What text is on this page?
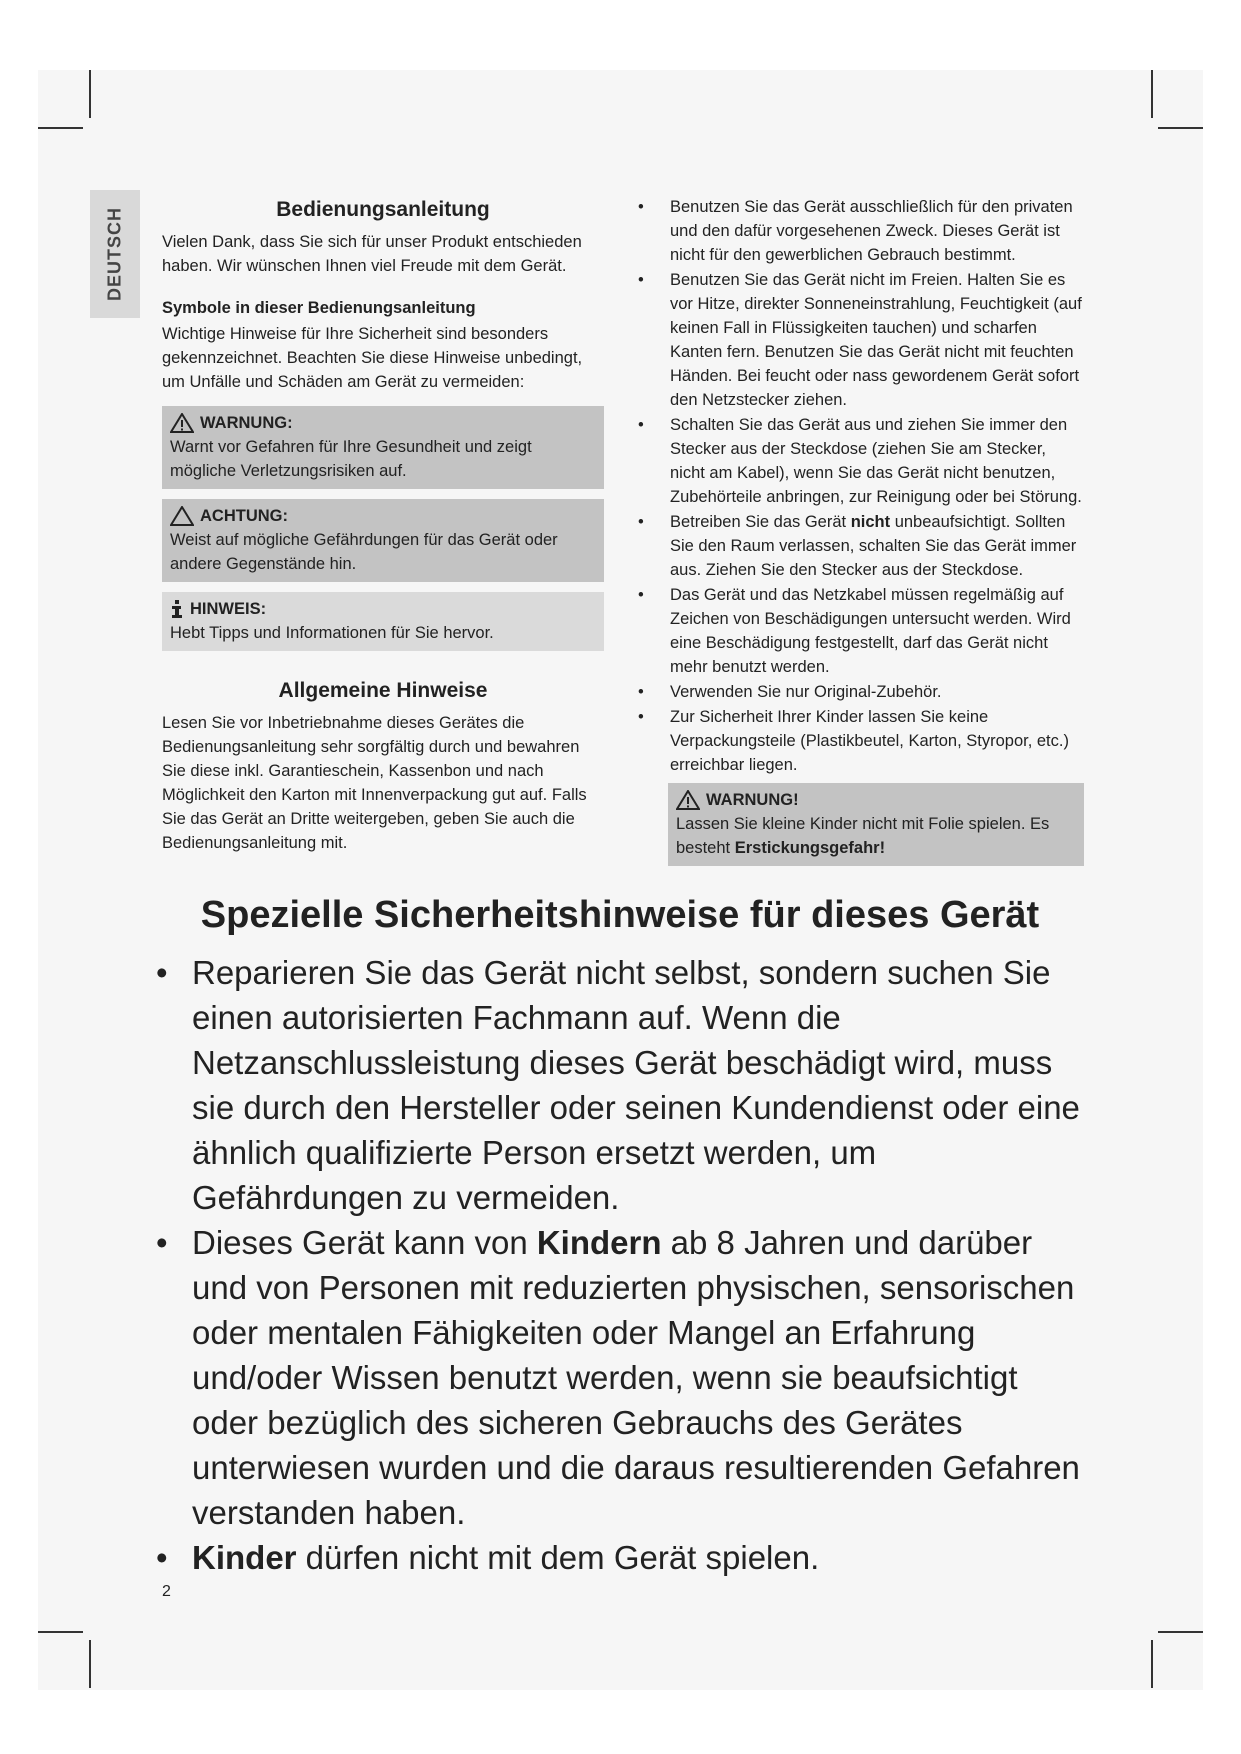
DEUTSCH	Bedienungsanleitung

Vielen Dank, dass Sie sich für unser Produkt entschieden haben. Wir wünschen Ihnen viel Freude mit dem Gerät.

Symbole in dieser Bedienungsanleitung

Wichtige Hinweise für Ihre Sicherheit sind besonders gekennzeichnet. Beachten Sie diese Hinweise unbedingt, um Unfälle und Schäden am Gerät zu vermeiden:

WARNUNG:

Warnt vor Gefahren für Ihre Gesundheit und zeigt mögliche Verletzungsrisiken auf.

ACHTUNG:

Weist auf mögliche Gefährdungen für das Gerät oder andere Gegenstände hin.

HINWEIS:

Hebt Tipps und Informationen für Sie hervor.

Allgemeine Hinweise

Lesen Sie vor Inbetriebnahme dieses Gerätes die Bedienungsanleitung sehr sorgfältig durch und bewahren Sie diese inkl. Garantieschein, Kassenbon und nach Möglichkeit den Karton mit Innenverpackung gut auf. Falls Sie das Gerät an Dritte weitergeben, geben Sie auch die Bedienungsanleitung mit.

• Benutzen Sie das Gerät ausschließlich für den privaten und den dafür vorgesehenen Zweck. Dieses Gerät ist nicht für den gewerblichen Gebrauch bestimmt.
• Benutzen Sie das Gerät nicht im Freien. Halten Sie es vor Hitze, direkter Sonneneinstrahlung, Feuchtigkeit (auf keinen Fall in Flüssigkeiten tauchen) und scharfen Kanten fern. Benutzen Sie das Gerät nicht mit feuchten Händen. Bei feucht oder nass gewordenem Gerät sofort den Netzstecker ziehen.
• Schalten Sie das Gerät aus und ziehen Sie immer den Stecker aus der Steckdose (ziehen Sie am Stecker, nicht am Kabel), wenn Sie das Gerät nicht benutzen, Zubehörteile anbringen, zur Reinigung oder bei Störung.
• Betreiben Sie das Gerät nicht unbeaufsichtigt. Sollten Sie den Raum verlassen, schalten Sie das Gerät immer aus. Ziehen Sie den Stecker aus der Steckdose.
• Das Gerät und das Netzkabel müssen regelmäßig auf Zeichen von Beschädigungen untersucht werden. Wird eine Beschädigung festgestellt, darf das Gerät nicht mehr benutzt werden.
• Verwenden Sie nur Original-Zubehör.
• Zur Sicherheit Ihrer Kinder lassen Sie keine Verpackungsteile (Plastikbeutel, Karton, Styropor, etc.) erreichbar liegen.
WARNUNG!

Lassen Sie kleine Kinder nicht mit Folie spielen. Es besteht Erstickungsgefahr!

Spezielle Sicherheitshinweise für dieses Gerät
• Reparieren Sie das Gerät nicht selbst, sondern suchen Sie einen autorisierten Fachmann auf. Wenn die Netzanschlussleistung dieses Gerät beschädigt wird, muss sie durch den Hersteller oder seinen Kundendienst oder eine ähnlich qualifizierte Person ersetzt werden, um Gefährdungen zu vermeiden.
• Dieses Gerät kann von Kindern ab 8 Jahren und darüber und von Personen mit reduzierten physischen, sensorischen oder mentalen Fähigkeiten oder Mangel an Erfahrung und/oder Wissen benutzt werden, wenn sie beaufsichtigt oder bezüglich des sicheren Gebrauchs des Gerätes unterwiesen wurden und die daraus resultierenden Gefahren verstanden haben.
• Kinder dürfen nicht mit dem Gerät spielen.
2
